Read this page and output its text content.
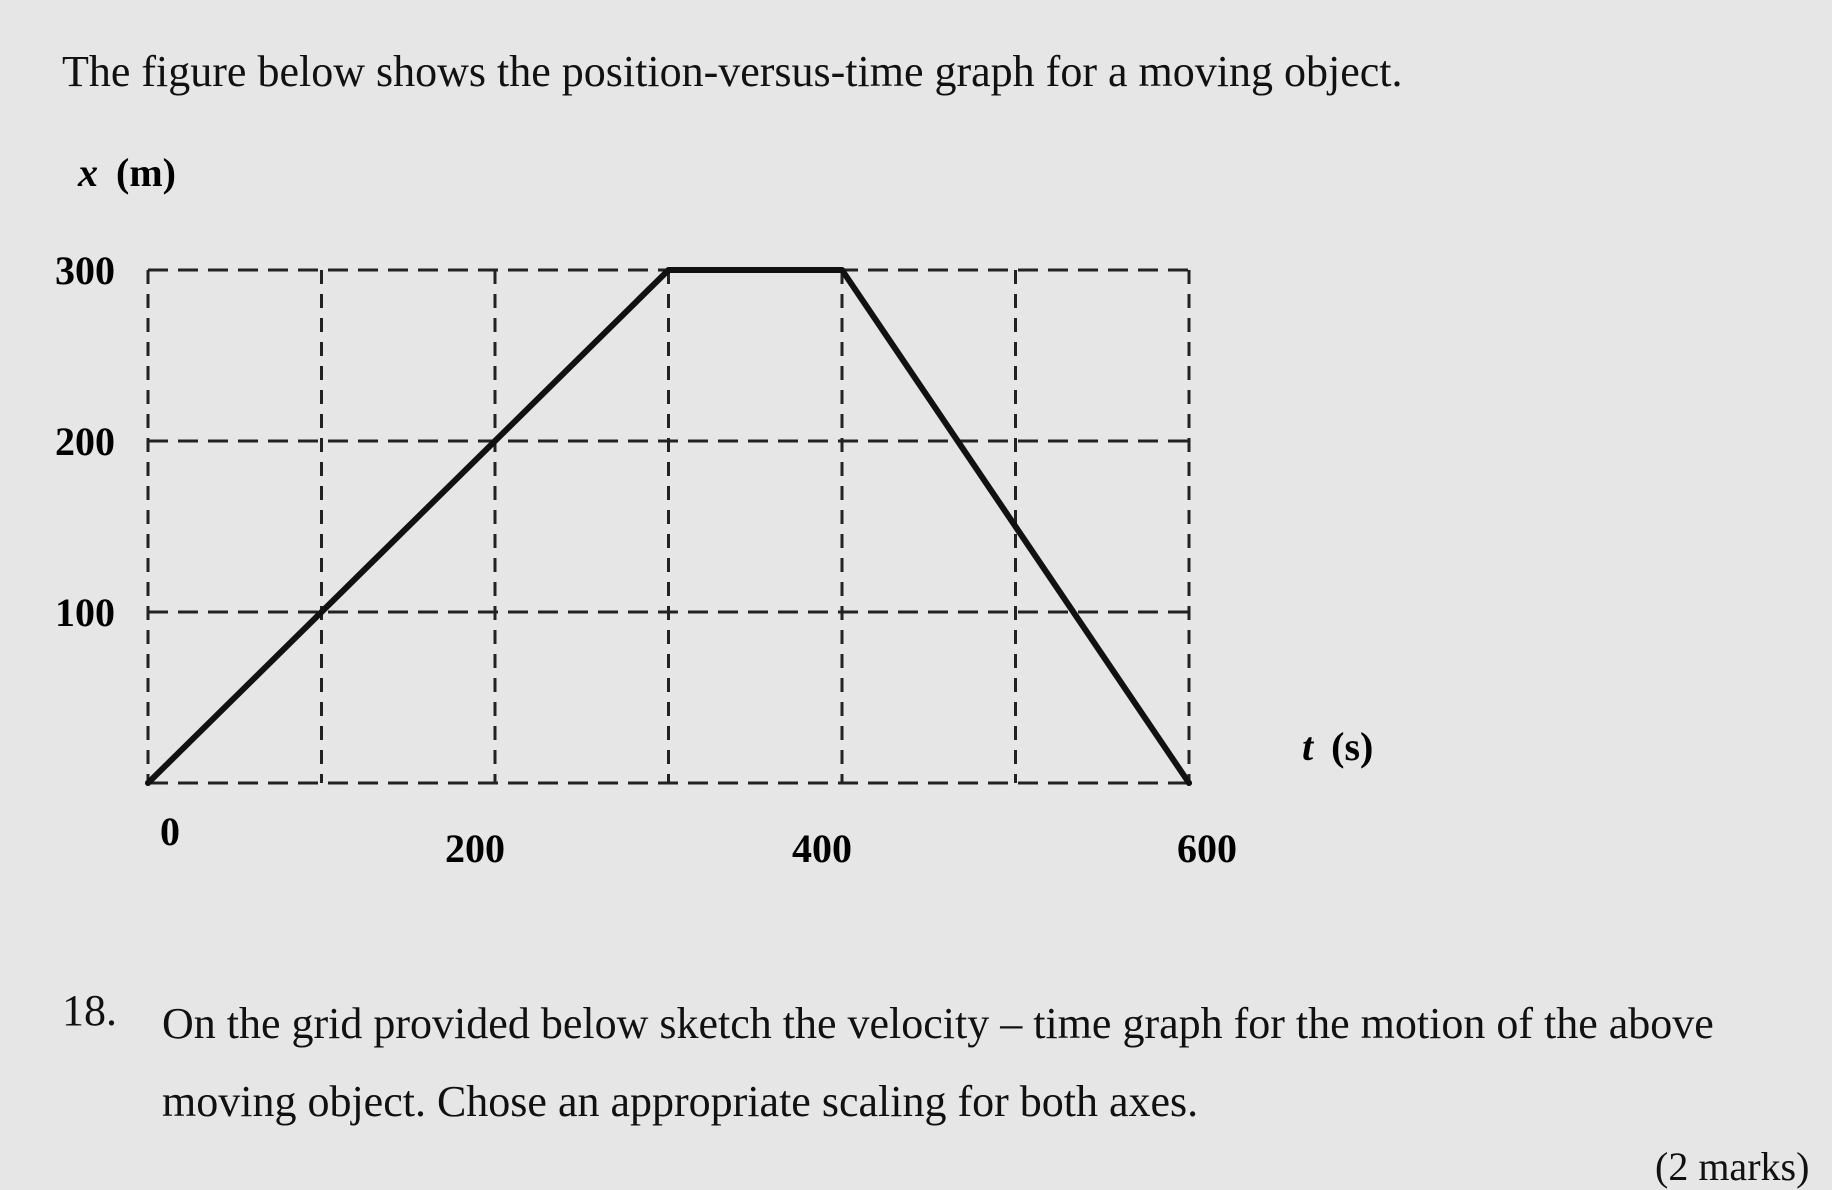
The figure below shows the position-versus-time graph for a moving object.
x (m)
100
200
300
0	200	400	600
t (s)
18. On the grid provided below sketch the velocity – time graph for the motion of the above moving object. Chose an appropriate scaling for both axes.
(2 marks)
